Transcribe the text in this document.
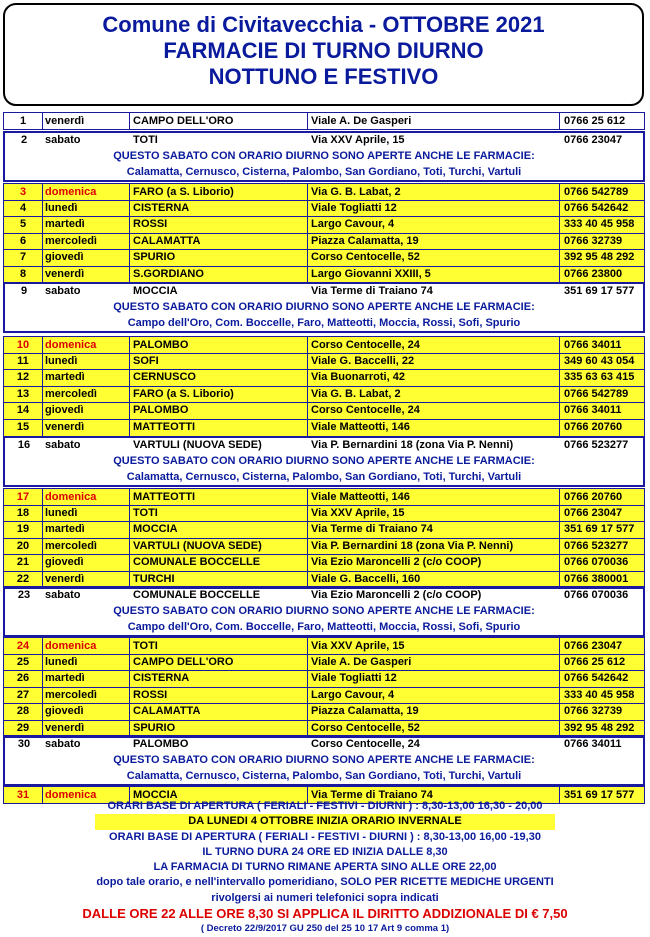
Comune di Civitavecchia - OTTOBRE 2021
FARMACIE DI TURNO DIURNO
NOTTUNO E FESTIVO
1	venerdì	CAMPO DELL'ORO	Viale A. De Gasperi	0766 25 612
2	sabato	TOTI	Via XXV Aprile, 15	0766 23047
QUESTO SABATO CON ORARIO DIURNO SONO APERTE ANCHE LE FARMACIE:
Calamatta, Cernusco, Cisterna, Palombo, San Gordiano, Toti, Turchi, Vartuli
3	domenica	FARO (a S. Liborio)	Via G. B. Labat, 2	0766 542789
4	lunedì	CISTERNA	Viale Togliatti 12	0766 542642
5	martedì	ROSSI	Largo Cavour, 4	333 40 45 958
6	mercoledì	CALAMATTA	Piazza Calamatta, 19	0766 32739
7	giovedì	SPURIO	Corso Centocelle, 52	392 95 48 292
8	venerdì	S.GORDIANO	Largo Giovanni XXIII, 5	0766 23800
9	sabato	MOCCIA	Via Terme di Traiano 74	351 69 17 577
QUESTO SABATO CON ORARIO DIURNO SONO APERTE ANCHE LE FARMACIE:
Campo dell'Oro, Com. Boccelle, Faro, Matteotti, Moccia, Rossi, Sofi, Spurio
10	domenica	PALOMBO	Corso Centocelle, 24	0766 34011
11	lunedì	SOFI	Viale G. Baccelli, 22	349 60 43 054
12	martedì	CERNUSCO	Via Buonarroti, 42	335 63 63 415
13	mercoledì	FARO (a S. Liborio)	Via G. B. Labat, 2	0766 542789
14	giovedì	PALOMBO	Corso Centocelle, 24	0766 34011
15	venerdì	MATTEOTTI	Viale Matteotti, 146	0766 20760
16	sabato	VARTULI (NUOVA SEDE)	Via P. Bernardini 18 (zona Via P. Nenni)	0766 523277
QUESTO SABATO CON ORARIO DIURNO SONO APERTE ANCHE LE FARMACIE:
Calamatta, Cernusco, Cisterna, Palombo, San Gordiano, Toti, Turchi, Vartuli
17	domenica	MATTEOTTI	Viale Matteotti, 146	0766 20760
18	lunedì	TOTI	Via XXV Aprile, 15	0766 23047
19	martedì	MOCCIA	Via Terme di Traiano 74	351 69 17 577
20	mercoledì	VARTULI (NUOVA SEDE)	Via P. Bernardini 18 (zona Via P. Nenni)	0766 523277
21	giovedì	COMUNALE BOCCELLE	Via Ezio Maroncelli 2 (c/o COOP)	0766 070036
22	venerdì	TURCHI	Viale G. Baccelli, 160	0766 380001
23	sabato	COMUNALE BOCCELLE	Via Ezio Maroncelli 2 (c/o COOP)	0766 070036
QUESTO SABATO CON ORARIO DIURNO SONO APERTE ANCHE LE FARMACIE:
Campo dell'Oro, Com. Boccelle, Faro, Matteotti, Moccia, Rossi, Sofi, Spurio
24	domenica	TOTI	Via XXV Aprile, 15	0766 23047
25	lunedì	CAMPO DELL'ORO	Viale A. De Gasperi	0766 25 612
26	martedì	CISTERNA	Viale Togliatti 12	0766 542642
27	mercoledì	ROSSI	Largo Cavour, 4	333 40 45 958
28	giovedì	CALAMATTA	Piazza Calamatta, 19	0766 32739
29	venerdì	SPURIO	Corso Centocelle, 52	392 95 48 292
30	sabato	PALOMBO	Corso Centocelle, 24	0766 34011
QUESTO SABATO CON ORARIO DIURNO SONO APERTE ANCHE LE FARMACIE:
Calamatta, Cernusco, Cisterna, Palombo, San Gordiano, Toti, Turchi, Vartuli
31	domenica	MOCCIA	Via Terme di Traiano 74	351 69 17 577
ORARI BASE DI APERTURA ( FERIALI - FESTIVI - DIURNI ) : 8,30-13,00 16,30 - 20,00
DA LUNEDI 4 OTTOBRE INIZIA ORARIO INVERNALE
ORARI BASE DI APERTURA ( FERIALI - FESTIVI - DIURNI ) : 8,30-13,00 16,00 -19,30
IL TURNO DURA 24 ORE ED INIZIA DALLE 8,30
LA FARMACIA DI TURNO RIMANE APERTA SINO ALLE ORE 22,00
dopo tale orario, e nell'intervallo pomeridiano, SOLO PER RICETTE MEDICHE URGENTI
rivolgersi ai numeri telefonici sopra indicati
DALLE ORE 22 ALLE ORE 8,30 SI APPLICA IL DIRITTO ADDIZIONALE DI € 7,50
( Decreto 22/9/2017 GU 250 del 25 10 17 Art 9 comma 1)
